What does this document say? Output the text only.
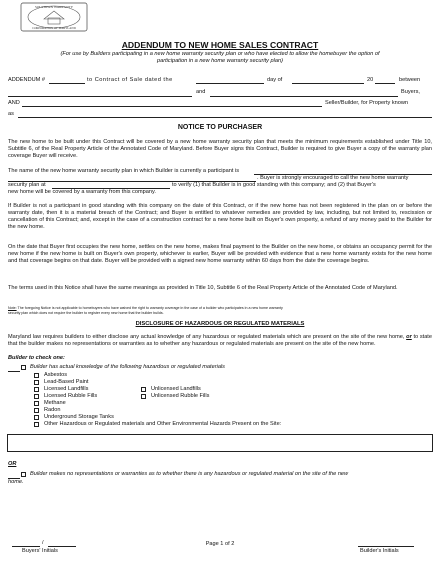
SOUTHERN WARRANTY
CORPORATION OF MARYLAND
ADDENDUM TO NEW HOME SALES CONTRACT
(For use by Builders participating in a new home warranty security plan or who have elected to allow the homebuyer the option of
participation in a new home warranty security plan)
ADDENDUM #	to Contract of Sale dated the	day of	20	between
and	Buyers,
AND	Seller/Builder, for Property known
as
NOTICE TO PURCHASER
The new home to be built under this Contract will be covered by a new home warranty security plan that meets the minimum requirements established under Title 10, Subtitle 6, of the Real Property Article of the Annotated Code of Maryland. Before Buyer signs this Contract, Builder is required to give Buyer a copy of the warranty plan coverage Buyer will receive.
The name of the new home warranty security plan in which Builder is currently a participant is
. Buyer is strongly encouraged to call the new home warranty
security plan at	to verify (1) that Builder is in good standing with this company; and (2) that Buyer's
new home will be covered by a warranty from this company.
If Builder is not a participant in good standing with this company on the date of this Contract, or if the new home has not been registered in the plan on or before the warranty date, then it is a material breach of the Contract; and Buyer is entitled to whatever remedies are provided by law, including, but not limited to, rescission or cancellation of this Contract; and, except in the case of a construction contract for a new home built on Buyer's own property, a refund of any money paid to the Builder for the new home.
On the date that Buyer first occupies the new home, settles on the new home, makes final payment to the Builder on the new home, or obtains an occupancy permit for the new home if the new home is built on Buyer's own property, whichever is earlier, Buyer will be provided with evidence that a new home warranty exists for the new home and that coverage begins on that date. Buyer will be provided with a signed new home warranty within 60 days from the date the coverage begins.
The terms used in this Notice shall have the same meanings as provided in Title 10, Subtitle 6 of the Real Property Article of the Annotated Code of Maryland.
Note: The foregoing Notice is not applicable to homebuyers who have waived the right to warranty coverage in the case of a builder who participates in a new home warranty
security plan which does not require the builder to register every new home that the builder builds.
DISCLOSURE OF HAZARDOUS OR REGULATED MATERIALS
Maryland law requires builders to either disclose any actual knowledge of any hazardous or regulated materials which are present on the site of the new home, or to state that the builder makes no representations or warranties as to whether any hazardous or regulated materials are present on the site of the new home.
Builder to check one:
Builder has actual knowledge of the following hazardous or regulated materials
Asbestos
Lead-Based Paint
Licensed Landfills
Licensed Rubble Fills
Methane
Radon
Underground Storage Tanks
Unlicensed Landfills
Unlicensed Rubble Fills
Other Hazardous or Regulated materials and Other Environmental Hazards Present on the Site:
OR
Builder makes no representations or warranties as to whether there is any hazardous or regulated material on the site of the new
home.
/
Buyers' Initials
Page 1 of 2
Builder's Initials
